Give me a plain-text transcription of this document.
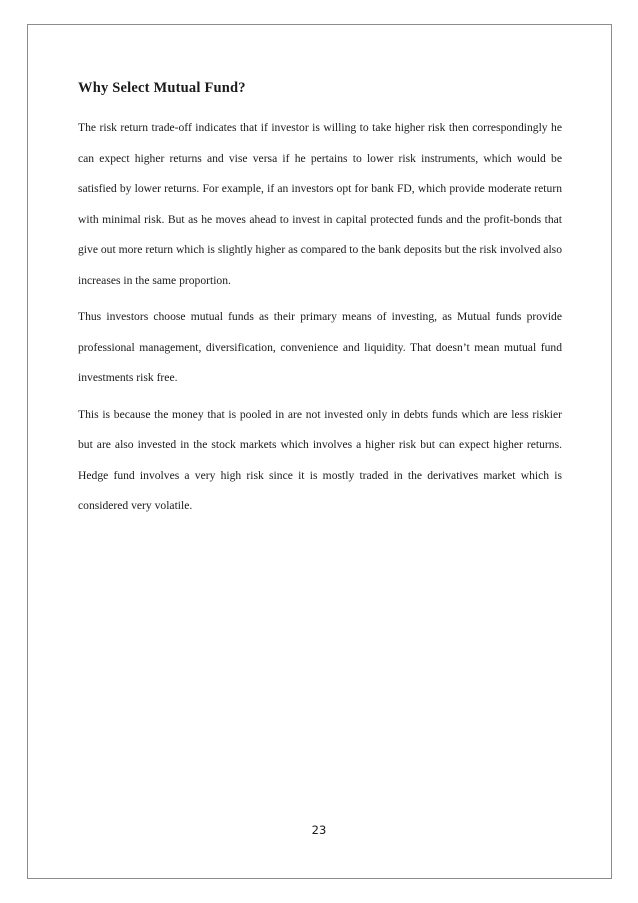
Why Select Mutual Fund?

The risk return trade-off indicates that if investor is willing to take higher risk then correspondingly he can expect higher returns and vise versa if he pertains to lower risk instruments, which would be satisfied by lower returns. For example, if an investors opt for bank FD, which provide moderate return with minimal risk. But as he moves ahead to invest in capital protected funds and the profit-bonds that give out more return which is slightly higher as compared to the bank deposits but the risk involved also increases in the same proportion.

Thus investors choose mutual funds as their primary means of investing, as Mutual funds provide professional management, diversification, convenience and liquidity. That doesn’t mean mutual fund investments risk free.

This is because the money that is pooled in are not invested only in debts funds which are less riskier but are also invested in the stock markets which involves a higher risk but can expect higher returns. Hedge fund involves a very high risk since it is mostly traded in the derivatives market which is considered very volatile.

23
